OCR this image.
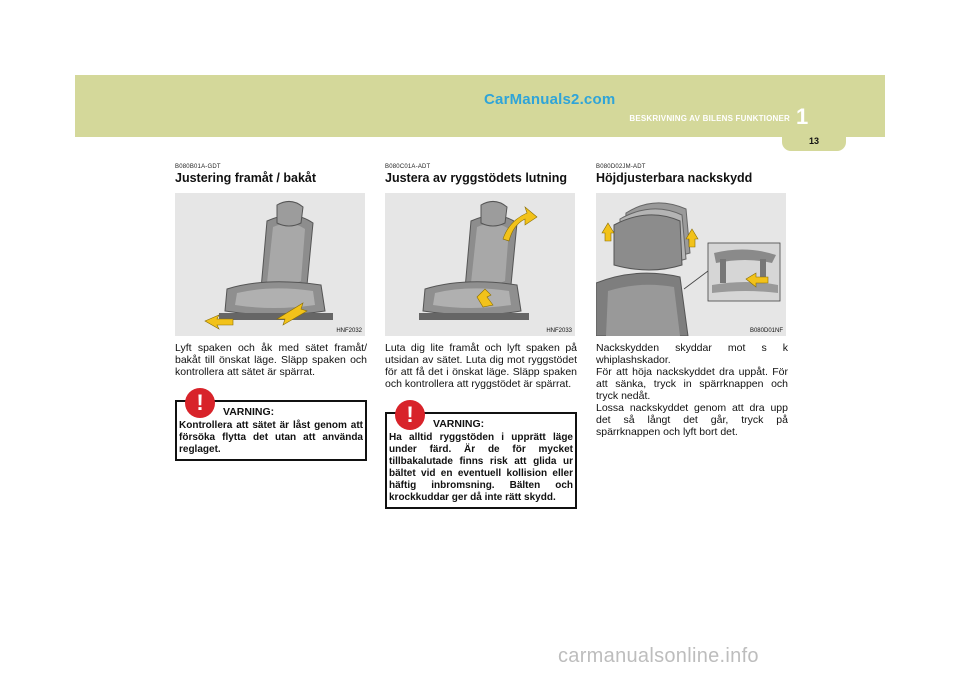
CarManuals2.com
BESKRIVNING AV BILENS FUNKTIONER 1
13
B080B01A-GDT
Justering framåt / bakåt
HNF2032
Lyft spaken och åk med sätet framåt/ bakåt till önskat läge. Släpp spaken och kontrollera att sätet är spärrat.
!	VARNING:
Kontrollera att sätet är låst genom att försöka flytta det utan att använda reglaget.
B080C01A-ADT
Justera av ryggstödets lutning
HNF2033
Luta dig lite framåt och lyft spaken på utsidan av sätet. Luta dig mot ryggstödet för att få det i önskat läge. Släpp spaken och kontrollera att ryggstödet är spärrat.
!	VARNING:
Ha alltid ryggstöden i upprätt läge under färd. Är de för mycket tillbakalutade finns risk att glida ur bältet vid en eventuell kollision eller häftig inbromsning. Bälten och krockkuddar ger då inte rätt skydd.
B080D02JM-ADT
Höjdjusterbara nackskydd
B080D01NF
Nackskydden skyddar mot s k whiplashskador.
För att höja nackskyddet dra uppåt. För att sänka, tryck in spärrknappen och tryck nedåt.
Lossa nackskyddet genom att dra upp det så långt det går, tryck på spärrknappen och lyft bort det.
carmanualsonline.info
